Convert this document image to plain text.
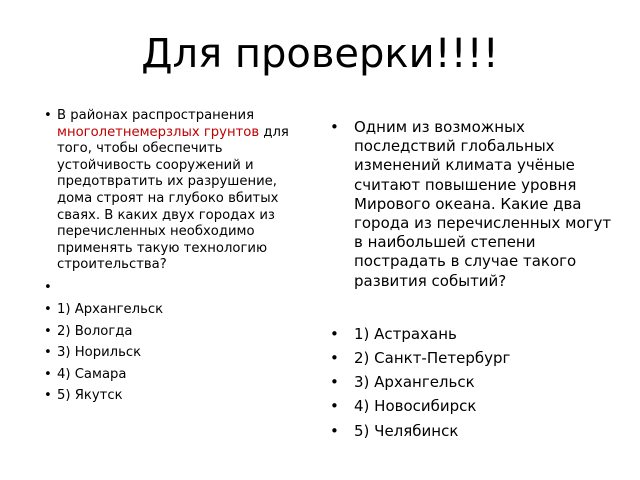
Для проверки!!!!
• В районах распространения многолетнемерзлых грунтов для того, чтобы обеспечить устойчивость сооружений и предотвратить их разрушение, дома строят на глубоко вбитых сваях. В каких двух городах из перечисленных необходимо применять такую технологию строительства?
•
• 1) Архангельск
• 2) Вологда
• 3) Норильск
• 4) Самара
• 5) Якутск
• Одним из возможных последствий глобальных изменений климата учёные считают повышение уровня Мирового океана. Какие два города из перечисленных могут в наибольшей степени пострадать в случае такого развития событий?
• 1) Астрахань
• 2) Санкт-Петербург
• 3) Архангельск
• 4) Новосибирск
• 5) Челябинск
